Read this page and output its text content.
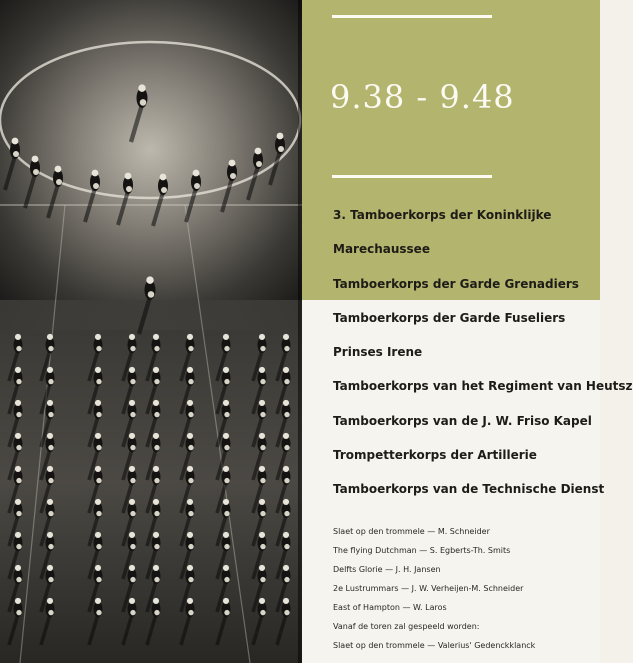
9.38 - 9.48
3. Tamboerkorps der Koninklijke
Marechaussee
Tamboerkorps der Garde Grenadiers
Tamboerkorps der Garde Fuseliers
Prinses Irene
Tamboerkorps van het Regiment van Heutsz
Tamboerkorps van de J. W. Friso Kapel
Trompetterkorps der Artillerie
Tamboerkorps van de Technische Dienst
Slaet op den trommele — M. Schneider
The flying Dutchman — S. Egberts-Th. Smits
Delfts Glorie — J. H. Jansen
2e Lustrummars — J. W. Verheijen-M. Schneider
East of Hampton — W. Laros
Vanaf de toren zal gespeeld worden:
Slaet op den trommele — Valerius' Gedenckklanck
